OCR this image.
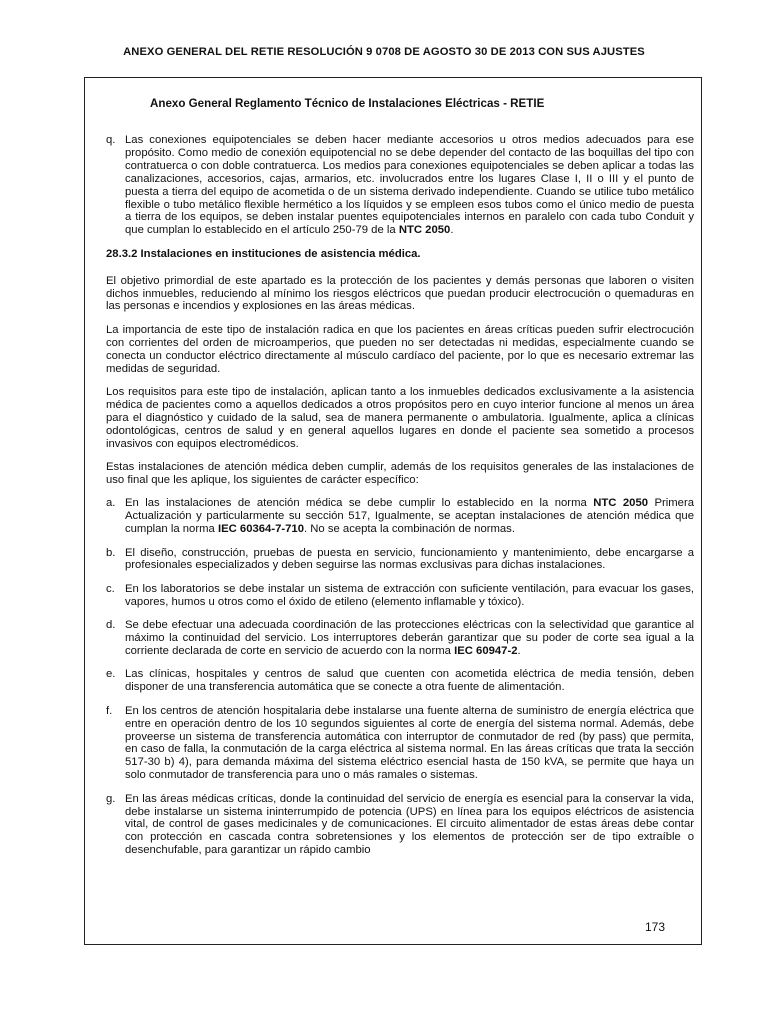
ANEXO GENERAL DEL RETIE RESOLUCIÓN 9 0708 DE AGOSTO 30 DE 2013 CON SUS AJUSTES
Anexo General Reglamento Técnico de Instalaciones Eléctricas - RETIE
q. Las conexiones equipotenciales se deben hacer mediante accesorios u otros medios adecuados para ese propósito. Como medio de conexión equipotencial no se debe depender del contacto de las boquillas del tipo con contratuerca o con doble contratuerca. Los medios para conexiones equipotenciales se deben aplicar a todas las canalizaciones, accesorios, cajas, armarios, etc. involucrados entre los lugares Clase I, II o III y el punto de puesta a tierra del equipo de acometida o de un sistema derivado independiente. Cuando se utilice tubo metálico flexible o tubo metálico flexible hermético a los líquidos y se empleen esos tubos como el único medio de puesta a tierra de los equipos, se deben instalar puentes equipotenciales internos en paralelo con cada tubo Conduit y que cumplan lo establecido en el artículo 250-79 de la NTC 2050.
28.3.2 Instalaciones en instituciones de asistencia médica.

El objetivo primordial de este apartado es la protección de los pacientes y demás personas que laboren o visiten dichos inmuebles, reduciendo al mínimo los riesgos eléctricos que puedan producir electrocución o quemaduras en las personas e incendios y explosiones en las áreas médicas.

La importancia de este tipo de instalación radica en que los pacientes en áreas críticas pueden sufrir electrocución con corrientes del orden de microamperios, que pueden no ser detectadas ni medidas, especialmente cuando se conecta un conductor eléctrico directamente al músculo cardíaco del paciente, por lo que es necesario extremar las medidas de seguridad.

Los requisitos para este tipo de instalación, aplican tanto a los inmuebles dedicados exclusivamente a la asistencia médica de pacientes como a aquellos dedicados a otros propósitos pero en cuyo interior funcione al menos un área para el diagnóstico y cuidado de la salud, sea de manera permanente o ambulatoria. Igualmente, aplica a clínicas odontológicas, centros de salud y en general aquellos lugares en donde el paciente sea sometido a procesos invasivos con equipos electromédicos.

Estas instalaciones de atención médica deben cumplir, además de los requisitos generales de las instalaciones de uso final que les aplique, los siguientes de carácter específico:

a. En las instalaciones de atención médica se debe cumplir lo establecido en la norma NTC 2050 Primera Actualización y particularmente su sección 517, Igualmente, se aceptan instalaciones de atención médica que cumplan la norma IEC 60364-7-710. No se acepta la combinación de normas.
b. El diseño, construcción, pruebas de puesta en servicio, funcionamiento y mantenimiento, debe encargarse a profesionales especializados y deben seguirse las normas exclusivas para dichas instalaciones.
c. En los laboratorios se debe instalar un sistema de extracción con suficiente ventilación, para evacuar los gases, vapores, humos u otros como el óxido de etileno (elemento inflamable y tóxico).
d. Se debe efectuar una adecuada coordinación de las protecciones eléctricas con la selectividad que garantice al máximo la continuidad del servicio. Los interruptores deberán garantizar que su poder de corte sea igual a la corriente declarada de corte en servicio de acuerdo con la norma IEC 60947-2.
e. Las clínicas, hospitales y centros de salud que cuenten con acometida eléctrica de media tensión, deben disponer de una transferencia automática que se conecte a otra fuente de alimentación.
f.	En los centros de atención hospitalaria debe instalarse una fuente alterna de suministro de energía eléctrica que entre en operación dentro de los 10 segundos siguientes al corte de energía del sistema normal. Además, debe proveerse un sistema de transferencia automática con interruptor de conmutador de red (by pass) que permita, en caso de falla, la conmutación de la carga eléctrica al sistema normal. En las áreas críticas que trata la sección 517-30 b) 4), para demanda máxima del sistema eléctrico esencial hasta de 150 kVA, se permite que haya un solo conmutador de transferencia para uno o más ramales o sistemas.
g. En las áreas médicas críticas, donde la continuidad del servicio de energía es esencial para la conservar la vida, debe instalarse un sistema ininterrumpido de potencia (UPS) en línea para los equipos eléctricos de asistencia vital, de control de gases medicinales y de comunicaciones. El circuito alimentador de estas áreas debe contar con protección en cascada contra sobretensiones y los elementos de protección ser de tipo extraíble o desenchufable, para garantizar un rápido cambio
173
